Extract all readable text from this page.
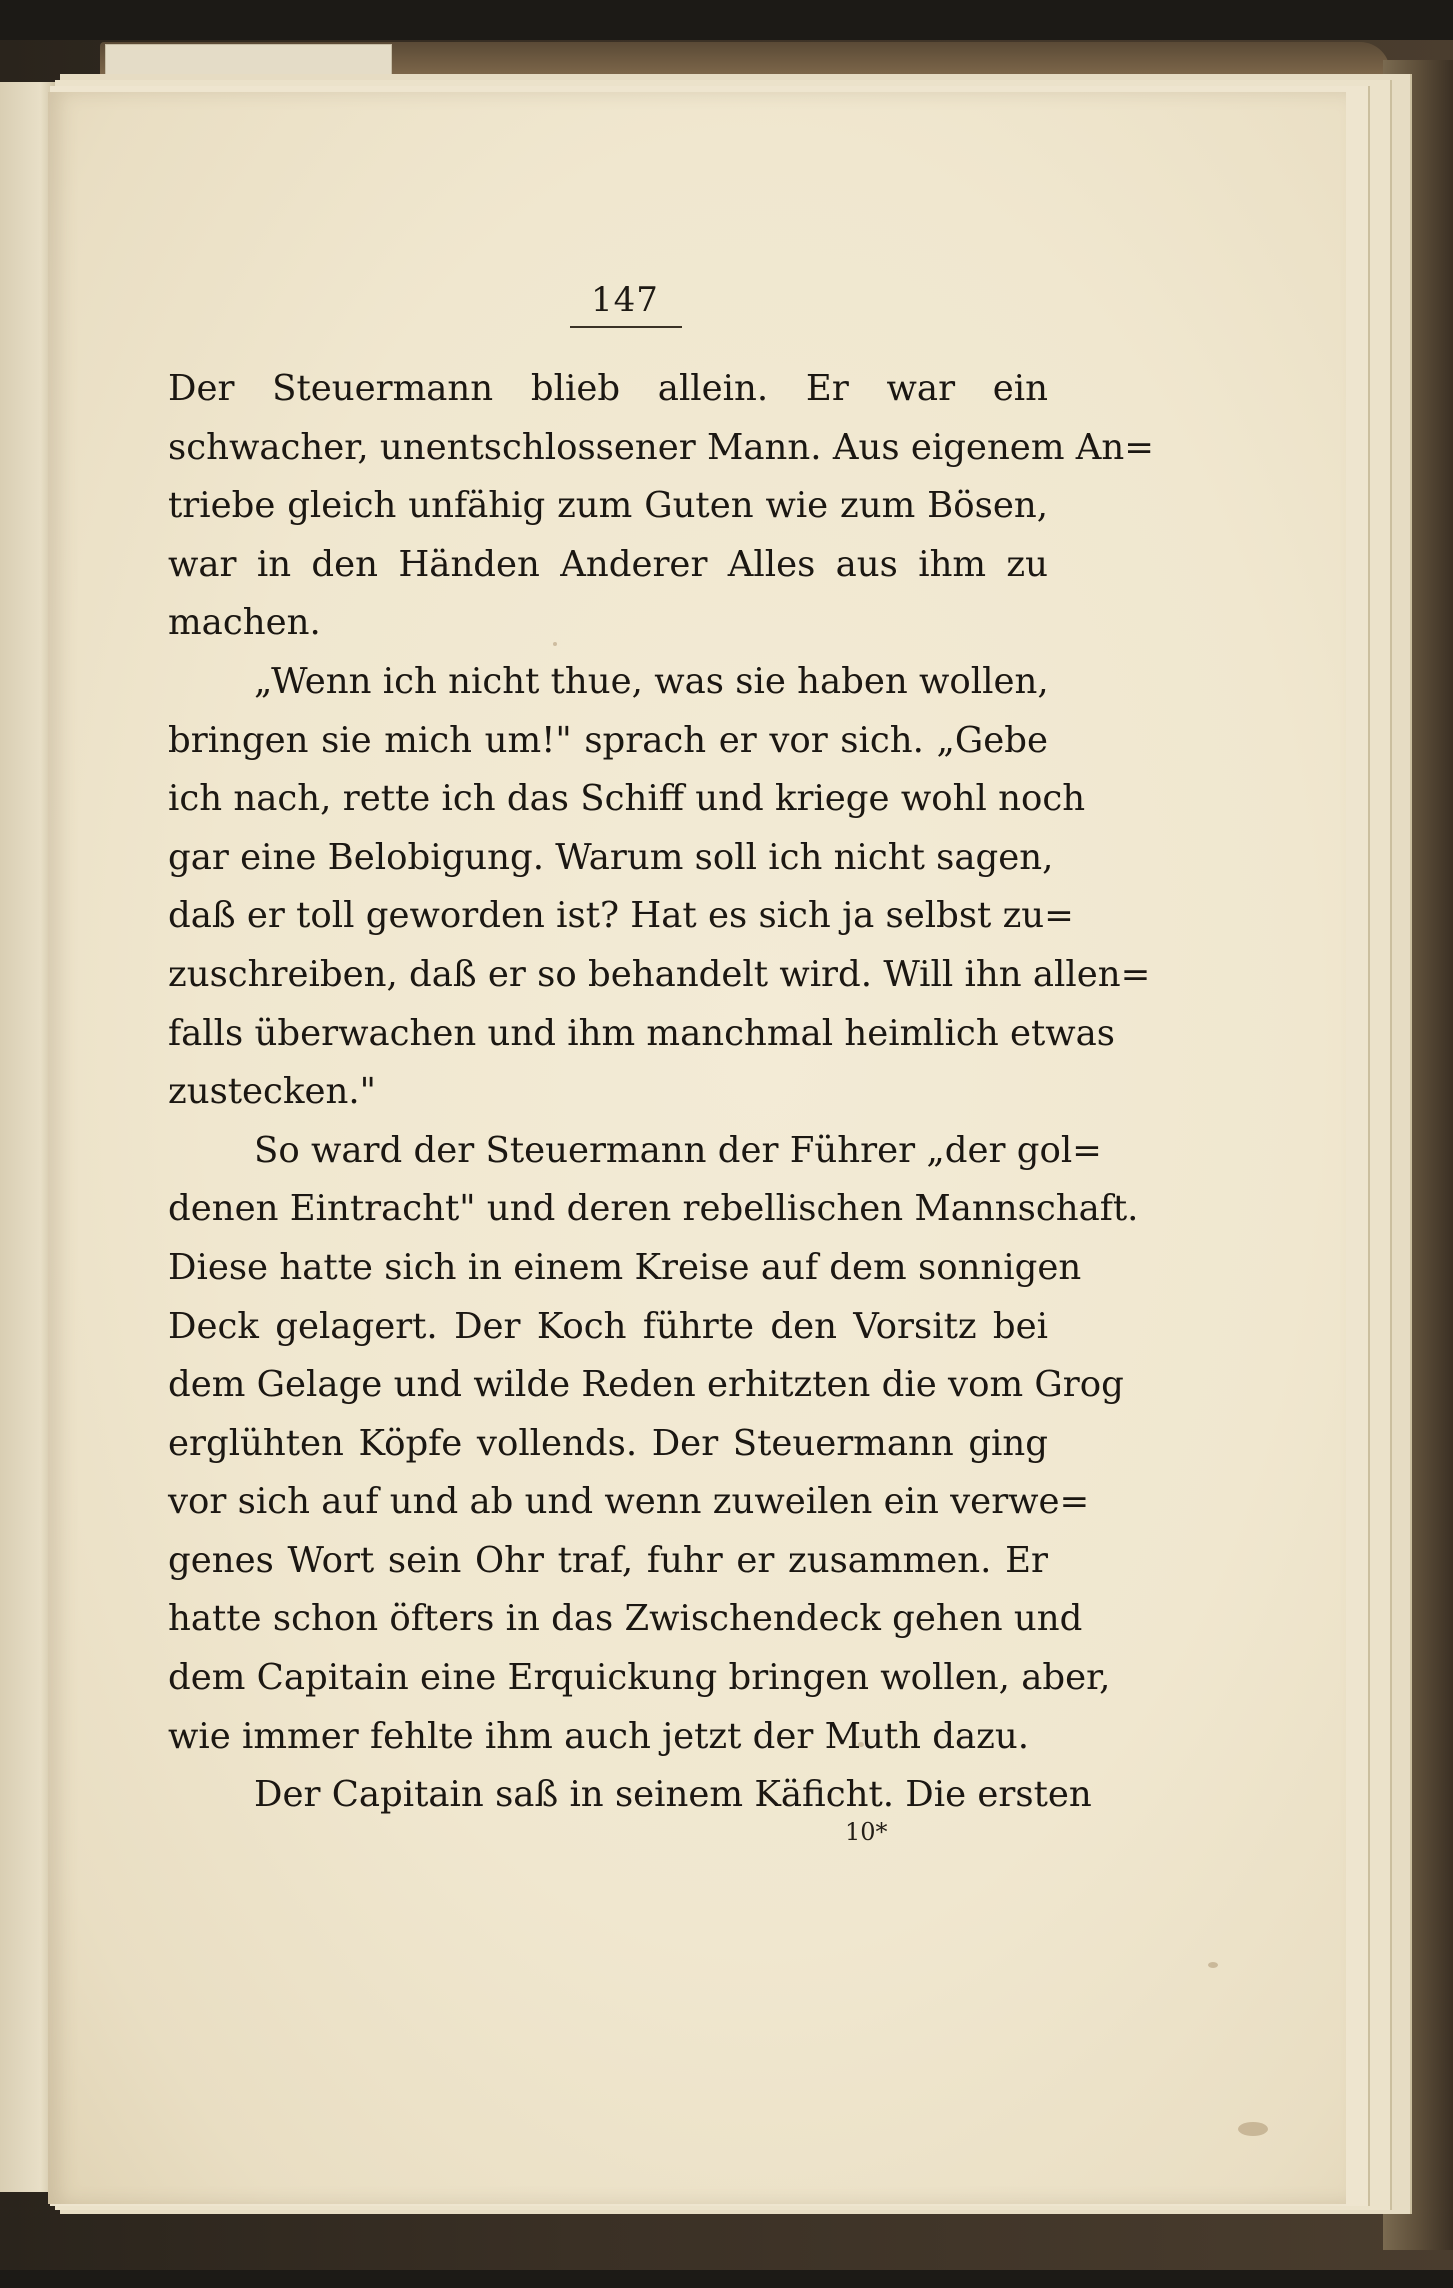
147
Der Steuermann blieb allein. Er war ein
schwacher, unentschlossener Mann. Aus eigenem An=
triebe gleich unfähig zum Guten wie zum Bösen,
war in den Händen Anderer Alles aus ihm zu
machen.
„Wenn ich nicht thue, was sie haben wollen,
bringen sie mich um!" sprach er vor sich. „Gebe
ich nach, rette ich das Schiff und kriege wohl noch
gar eine Belobigung. Warum soll ich nicht sagen,
daß er toll geworden ist? Hat es sich ja selbst zu=
zuschreiben, daß er so behandelt wird. Will ihn allen=
falls überwachen und ihm manchmal heimlich etwas
zustecken."
So ward der Steuermann der Führer „der gol=
denen Eintracht" und deren rebellischen Mannschaft.
Diese hatte sich in einem Kreise auf dem sonnigen
Deck gelagert. Der Koch führte den Vorsitz bei
dem Gelage und wilde Reden erhitzten die vom Grog
erglühten Köpfe vollends. Der Steuermann ging
vor sich auf und ab und wenn zuweilen ein verwe=
genes Wort sein Ohr traf, fuhr er zusammen. Er
hatte schon öfters in das Zwischendeck gehen und
dem Capitain eine Erquickung bringen wollen, aber,
wie immer fehlte ihm auch jetzt der Muth dazu.
Der Capitain saß in seinem Käficht. Die ersten
10*
